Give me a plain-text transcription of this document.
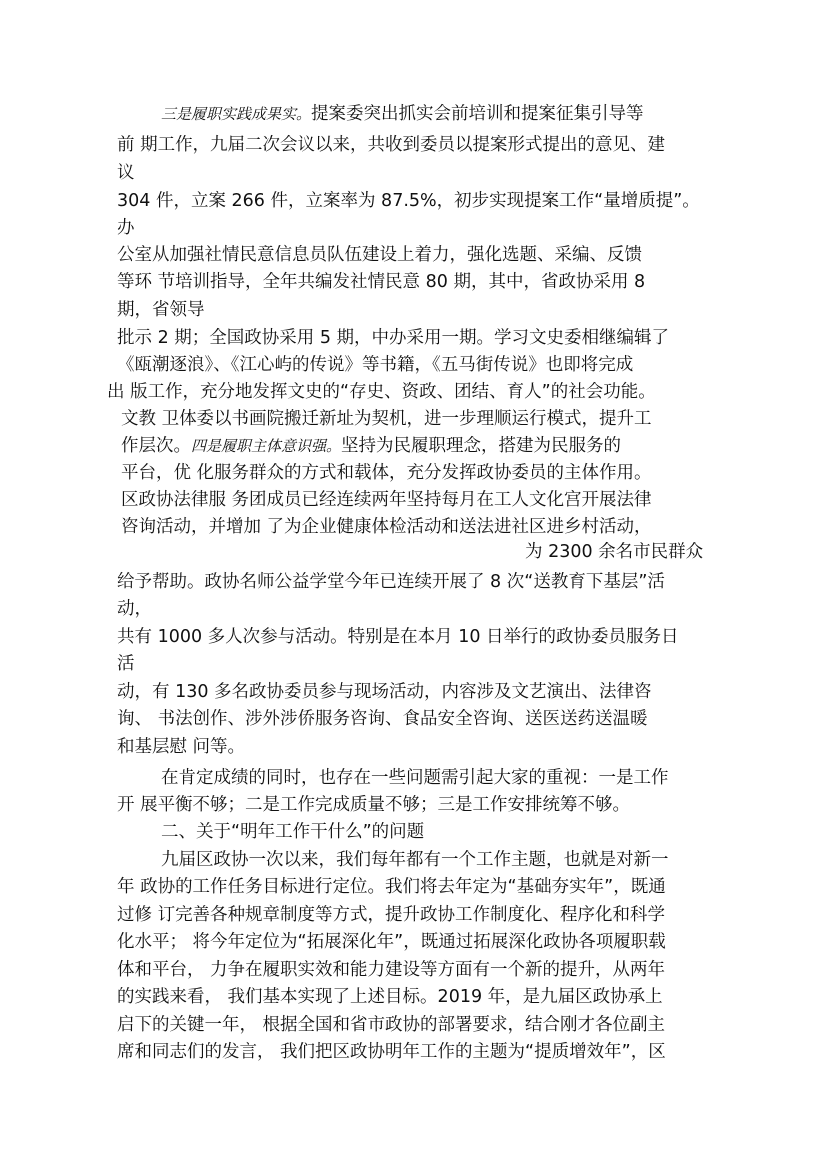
三是履职实践成果实。提案委突出抓实会前培训和提案征集引导等
前 期工作，九届二次会议以来，共收到委员以提案形式提出的意见、建
议
304 件，立案 266 件，立案率为 87.5%，初步实现提案工作“量增质提”。
办
公室从加强社情民意信息员队伍建设上着力，强化选题、采编、反馈
等环 节培训指导，全年共编发社情民意 80 期，其中，省政协采用 8
期，省领导
批示 2 期；全国政协采用 5 期，中办采用一期。学习文史委相继编辑了
《瓯潮逐浪》、《江心屿的传说》等书籍，《五马街传说》也即将完成
出 版工作，充分地发挥文史的“存史、资政、团结、育人”的社会功能。
文教 卫体委以书画院搬迁新址为契机，进一步理顺运行模式，提升工
作层次。四是履职主体意识强。坚持为民履职理念，搭建为民服务的
平台，优 化服务群众的方式和载体，充分发挥政协委员的主体作用。
区政协法律服 务团成员已经连续两年坚持每月在工人文化宫开展法律
咨询活动，并增加 了为企业健康体检活动和送法进社区进乡村活动，
为 2300 余名市民群众
给予帮助。政协名师公益学堂今年已连续开展了 8 次“送教育下基层”活
动，
共有 1000 多人次参与活动。特别是在本月 10 日举行的政协委员服务日
活
动，有 130 多名政协委员参与现场活动，内容涉及文艺演出、法律咨
询、 书法创作、涉外涉侨服务咨询、食品安全咨询、送医送药送温暖
和基层慰 问等。
在肯定成绩的同时，也存在一些问题需引起大家的重视：一是工作
开 展平衡不够；二是工作完成质量不够；三是工作安排统筹不够。
二、关于“明年工作干什么”的问题
九届区政协一次以来，我们每年都有一个工作主题，也就是对新一
年 政协的工作任务目标进行定位。我们将去年定为“基础夯实年”，既通
过修 订完善各种规章制度等方式，提升政协工作制度化、程序化和科学
化水平； 将今年定位为“拓展深化年”，既通过拓展深化政协各项履职载
体和平台， 力争在履职实效和能力建设等方面有一个新的提升，从两年
的实践来看， 我们基本实现了上述目标。2019 年，是九届区政协承上
启下的关键一年， 根据全国和省市政协的部署要求，结合刚才各位副主
席和同志们的发言， 我们把区政协明年工作的主题为“提质增效年”，区
